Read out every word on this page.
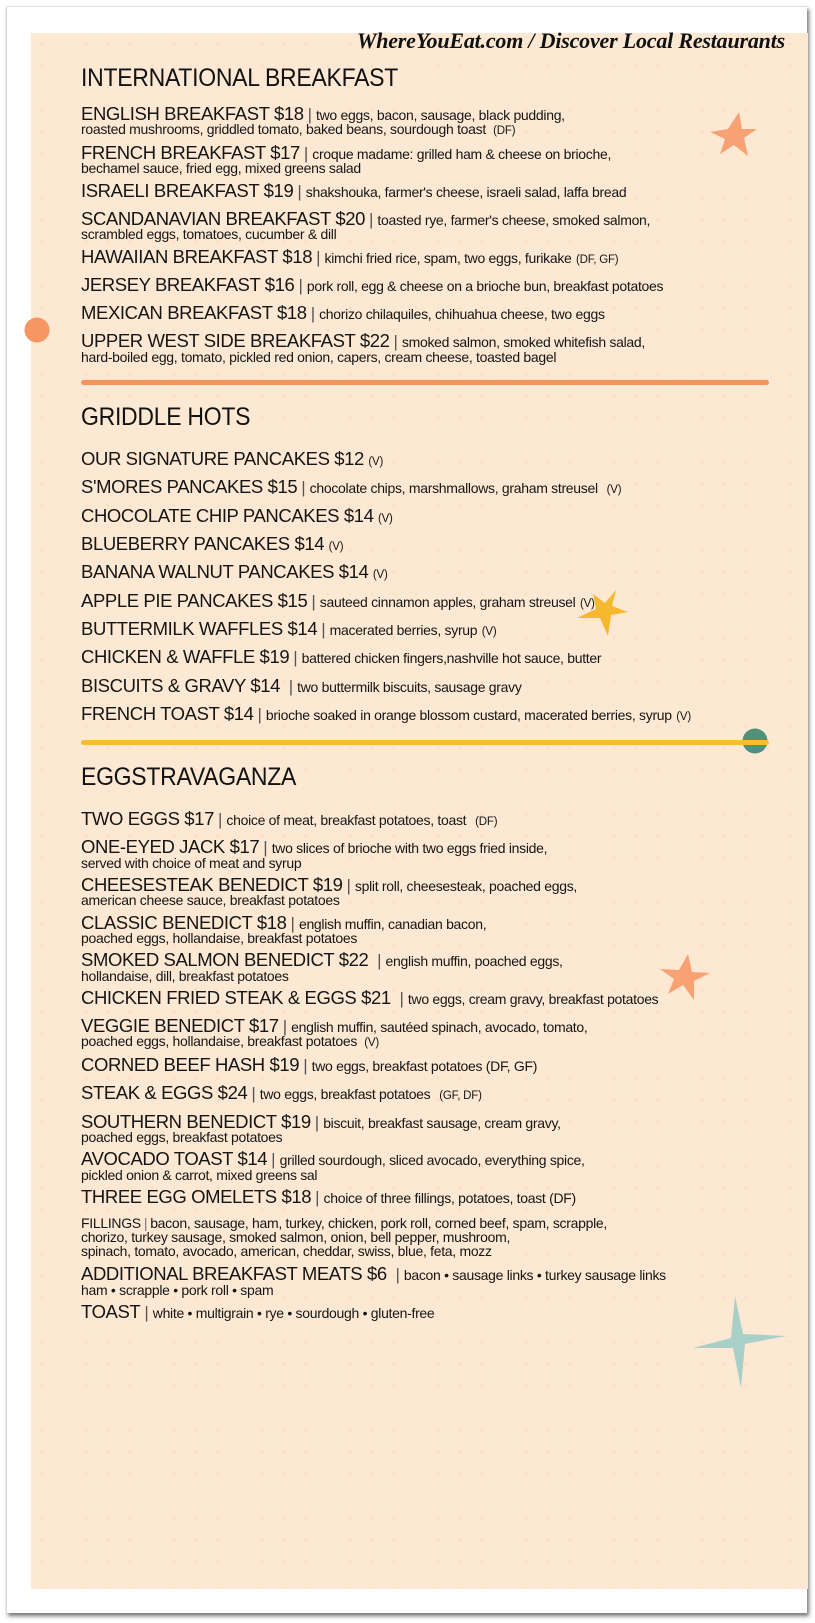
WhereYouEat.com / Discover Local Restaurants
INTERNATIONAL BREAKFAST
ENGLISH BREAKFAST $18 | two eggs, bacon, sausage, black pudding,
roasted mushrooms, griddled tomato, baked beans, sourdough toast (DF)
FRENCH BREAKFAST $17 | croque madame: grilled ham & cheese on brioche,
bechamel sauce, fried egg, mixed greens salad
ISRAELI BREAKFAST $19 | shakshouka, farmer's cheese, israeli salad, laffa bread
SCANDANAVIAN BREAKFAST $20 | toasted rye, farmer's cheese, smoked salmon,
scrambled eggs, tomatoes, cucumber & dill
HAWAIIAN BREAKFAST $18 | kimchi fried rice, spam, two eggs, furikake (DF, GF)
JERSEY BREAKFAST $16 | pork roll, egg & cheese on a brioche bun, breakfast potatoes
MEXICAN BREAKFAST $18 | chorizo chilaquiles, chihuahua cheese, two eggs
UPPER WEST SIDE BREAKFAST $22 | smoked salmon, smoked whitefish salad,
hard-boiled egg, tomato, pickled red onion, capers, cream cheese, toasted bagel
GRIDDLE HOTS
OUR SIGNATURE PANCAKES $12 (V)
S'MORES PANCAKES $15 | chocolate chips, marshmallows, graham streusel (V)
CHOCOLATE CHIP PANCAKES $14 (V)
BLUEBERRY PANCAKES $14 (V)
BANANA WALNUT PANCAKES $14 (V)
APPLE PIE PANCAKES $15 | sauteed cinnamon apples, graham streusel (V)
BUTTERMILK WAFFLES $14 | macerated berries, syrup (V)
CHICKEN & WAFFLE $19 | battered chicken fingers,nashville hot sauce, butter
BISCUITS & GRAVY $14 | two buttermilk biscuits, sausage gravy
FRENCH TOAST $14 | brioche soaked in orange blossom custard, macerated berries, syrup (V)
EGGSTRAVAGANZA
TWO EGGS $17 | choice of meat, breakfast potatoes, toast (DF)
ONE-EYED JACK $17 | two slices of brioche with two eggs fried inside,
served with choice of meat and syrup
CHEESESTEAK BENEDICT $19 | split roll, cheesesteak, poached eggs,
american cheese sauce, breakfast potatoes
CLASSIC BENEDICT $18 | english muffin, canadian bacon,
poached eggs, hollandaise, breakfast potatoes
SMOKED SALMON BENEDICT $22 | english muffin, poached eggs,
hollandaise, dill, breakfast potatoes
CHICKEN FRIED STEAK & EGGS $21 | two eggs, cream gravy, breakfast potatoes
VEGGIE BENEDICT $17 | english muffin, sautéed spinach, avocado, tomato,
poached eggs, hollandaise, breakfast potatoes (V)
CORNED BEEF HASH $19 | two eggs, breakfast potatoes (DF, GF)
STEAK & EGGS $24 | two eggs, breakfast potatoes (GF, DF)
SOUTHERN BENEDICT $19 | biscuit, breakfast sausage, cream gravy,
poached eggs, breakfast potatoes
AVOCADO TOAST $14 | grilled sourdough, sliced avocado, everything spice,
pickled onion & carrot, mixed greens sal
THREE EGG OMELETS $18 | choice of three fillings, potatoes, toast (DF)
FILLINGS | bacon, sausage, ham, turkey, chicken, pork roll, corned beef, spam, scrapple,
chorizo, turkey sausage, smoked salmon, onion, bell pepper, mushroom,
spinach, tomato, avocado, american, cheddar, swiss, blue, feta, mozz
ADDITIONAL BREAKFAST MEATS $6 | bacon • sausage links • turkey sausage links
ham • scrapple • pork roll • spam
TOAST | white • multigrain • rye • sourdough • gluten-free
